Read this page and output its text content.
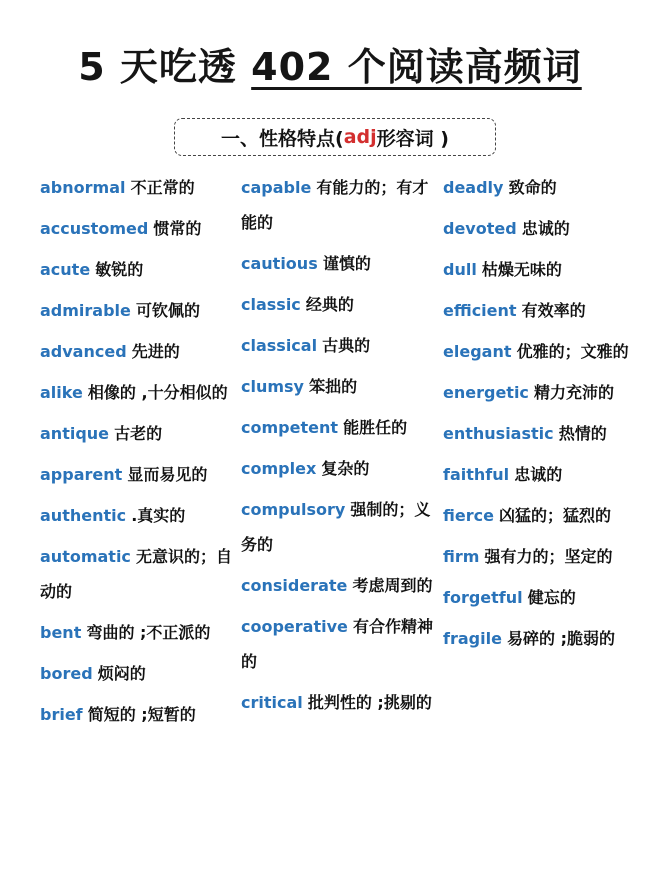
5 天吃透 402 个阅读高频词
一、性格特点( adj 形容词 )

abnormal 不正常的

accustomed 惯常的

acute 敏锐的

admirable 可钦佩的

advanced 先进的

alike 相像的 ,十分相似的

antique 古老的

apparent 显而易见的

authentic .真实的

automatic 无意识的；自动的

bent 弯曲的 ;不正派的

bored 烦闷的

brief 简短的 ;短暂的

capable 有能力的；有才能的

cautious 谨慎的

classic 经典的

classical 古典的

clumsy 笨拙的

competent 能胜任的

complex 复杂的

compulsory 强制的；义务的

considerate 考虑周到的

cooperative 有合作精神的

critical 批判性的 ;挑剔的

deadly 致命的

devoted 忠诚的

dull 枯燥无味的

efficient 有效率的

elegant 优雅的；文雅的

energetic 精力充沛的

enthusiastic 热情的

faithful 忠诚的

fierce 凶猛的；猛烈的

firm 强有力的；坚定的

forgetful 健忘的

fragile 易碎的 ;脆弱的
